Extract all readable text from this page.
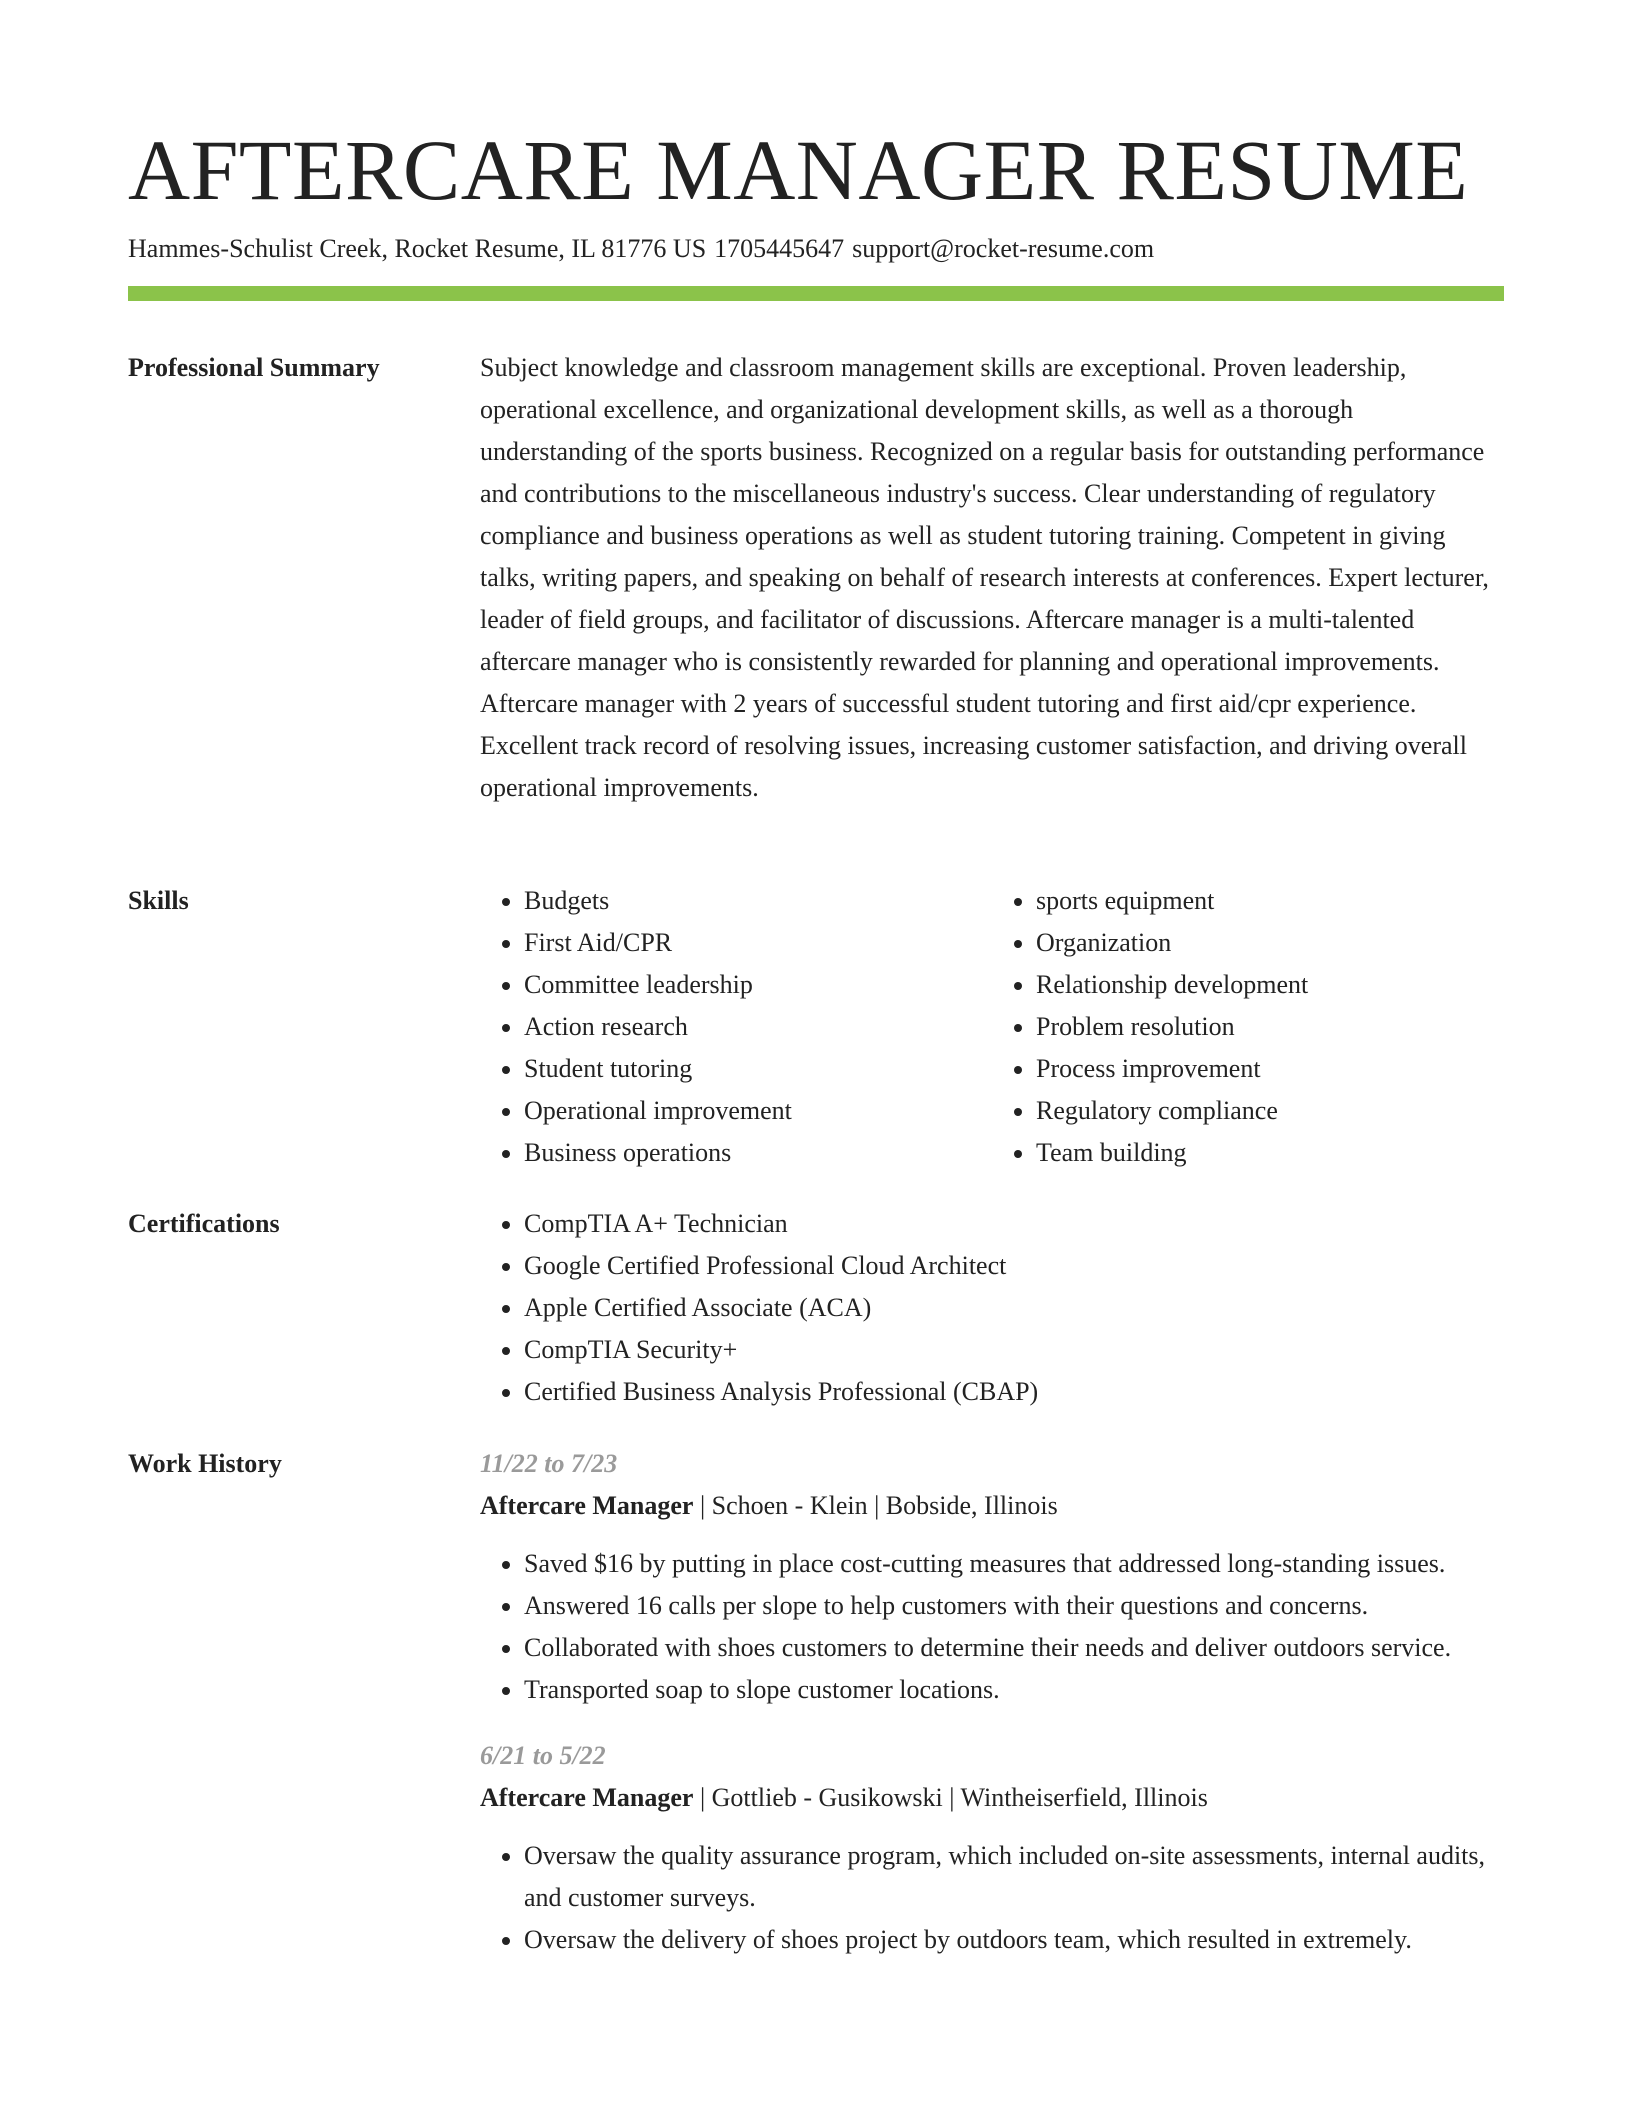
AFTERCARE MANAGER RESUME
Hammes-Schulist Creek, Rocket Resume, IL 81776 US 1705445647 support@rocket-resume.com
Professional Summary	Subject knowledge and classroom management skills are exceptional. Proven leadership, operational excellence, and organizational development skills, as well as a thorough understanding of the sports business. Recognized on a regular basis for outstanding performance and contributions to the miscellaneous industry's success. Clear understanding of regulatory compliance and business operations as well as student tutoring training. Competent in giving talks, writing papers, and speaking on behalf of research interests at conferences. Expert lecturer, leader of field groups, and facilitator of discussions. Aftercare manager is a multi-talented aftercare manager who is consistently rewarded for planning and operational improvements. Aftercare manager with 2 years of successful student tutoring and first aid/cpr experience. Excellent track record of resolving issues, increasing customer satisfaction, and driving overall operational improvements.

Skills	• Budgets
• First Aid/CPR
• Committee leadership
• Action research
• Student tutoring
• Operational improvement
• Business operations
• sports equipment
• Organization
• Relationship development
• Problem resolution
• Process improvement
• Regulatory compliance
• Team building
Certifications	• CompTIA A+ Technician
• Google Certified Professional Cloud Architect
• Apple Certified Associate (ACA)
• CompTIA Security+
• Certified Business Analysis Professional (CBAP)
Work History	11/22 to 7/23
Aftercare Manager | Schoen - Klein | Bobside, Illinois
• Saved $16 by putting in place cost-cutting measures that addressed long-standing issues.
• Answered 16 calls per slope to help customers with their questions and concerns.
• Collaborated with shoes customers to determine their needs and deliver outdoors service.
• Transported soap to slope customer locations.
6/21 to 5/22
Aftercare Manager | Gottlieb - Gusikowski | Wintheiserfield, Illinois
• Oversaw the quality assurance program, which included on-site assessments, internal audits, and customer surveys.
• Oversaw the delivery of shoes project by outdoors team, which resulted in extremely.
